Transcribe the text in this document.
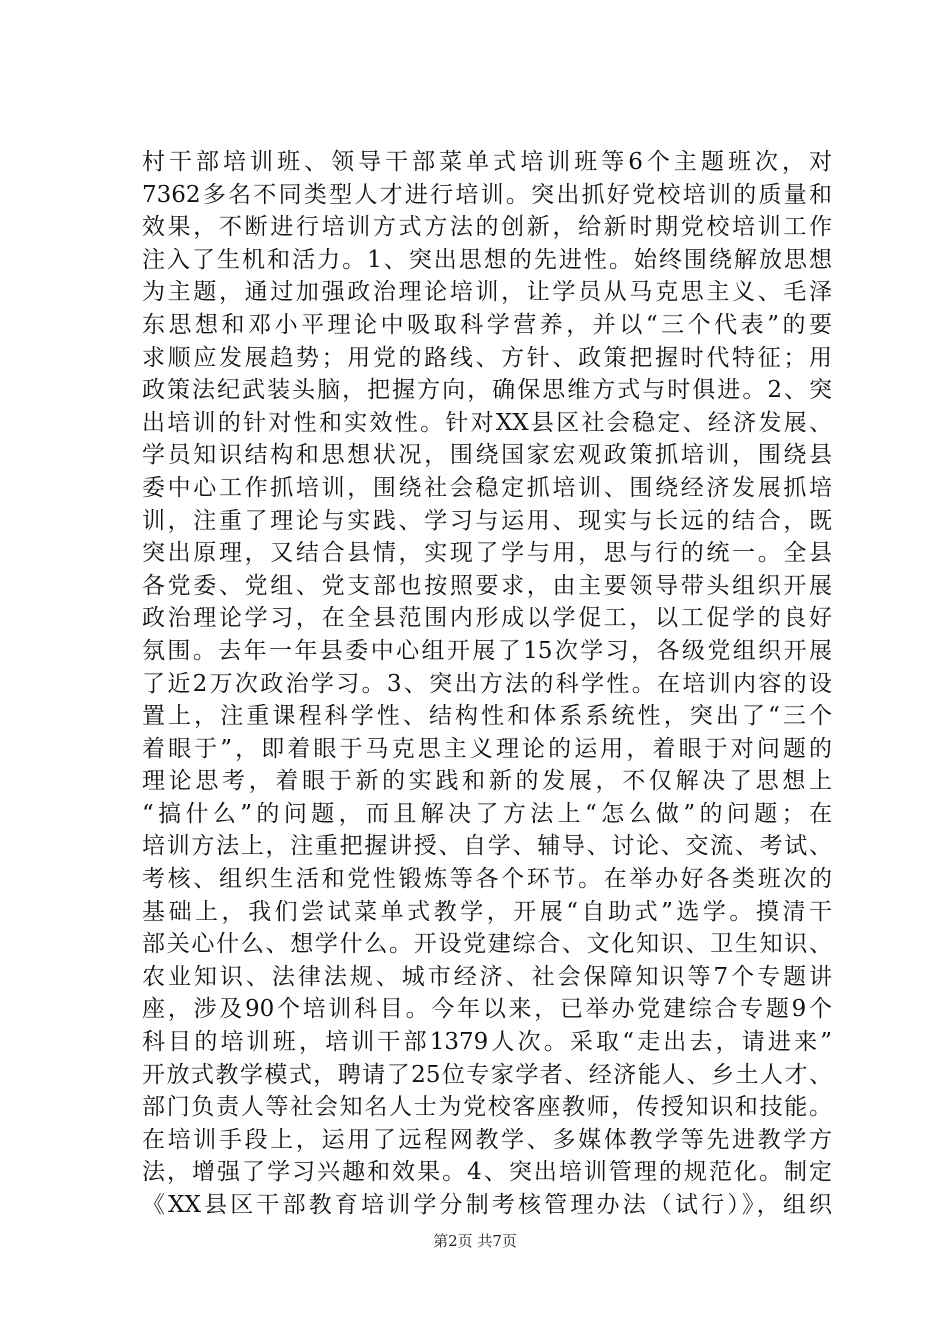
村干部培训班、领导干部菜单式培训班等6个主题班次，对
7362多名不同类型人才进行培训。突出抓好党校培训的质量和
效果，不断进行培训方式方法的创新，给新时期党校培训工作
注入了生机和活力。1、突出思想的先进性。始终围绕解放思想
为主题，通过加强政治理论培训，让学员从马克思主义、毛泽
东思想和邓小平理论中吸取科学营养，并以“三个代表”的要
求顺应发展趋势；用党的路线、方针、政策把握时代特征；用
政策法纪武装头脑，把握方向，确保思维方式与时俱进。2、突
出培训的针对性和实效性。针对XX县区社会稳定、经济发展、
学员知识结构和思想状况，围绕国家宏观政策抓培训，围绕县
委中心工作抓培训，围绕社会稳定抓培训、围绕经济发展抓培
训，注重了理论与实践、学习与运用、现实与长远的结合，既
突出原理，又结合县情，实现了学与用，思与行的统一。全县
各党委、党组、党支部也按照要求，由主要领导带头组织开展
政治理论学习，在全县范围内形成以学促工，以工促学的良好
氛围。去年一年县委中心组开展了15次学习，各级党组织开展
了近2万次政治学习。3、突出方法的科学性。在培训内容的设
置上，注重课程科学性、结构性和体系系统性，突出了“三个
着眼于”，即着眼于马克思主义理论的运用，着眼于对问题的
理论思考，着眼于新的实践和新的发展，不仅解决了思想上
“搞什么”的问题，而且解决了方法上“怎么做”的问题；在
培训方法上，注重把握讲授、自学、辅导、讨论、交流、考试、
考核、组织生活和党性锻炼等各个环节。在举办好各类班次的
基础上，我们尝试菜单式教学，开展“自助式”选学。摸清干
部关心什么、想学什么。开设党建综合、文化知识、卫生知识、
农业知识、法律法规、城市经济、社会保障知识等7个专题讲
座，涉及90个培训科目。今年以来，已举办党建综合专题9个
科目的培训班，培训干部1379人次。采取“走出去，请进来”
开放式教学模式，聘请了25位专家学者、经济能人、乡土人才、
部门负责人等社会知名人士为党校客座教师，传授知识和技能。
在培训手段上，运用了远程网教学、多媒体教学等先进教学方
法，增强了学习兴趣和效果。4、突出培训管理的规范化。制定
《XX县区干部教育培训学分制考核管理办法（试行）》，组织
第2页 共7页
